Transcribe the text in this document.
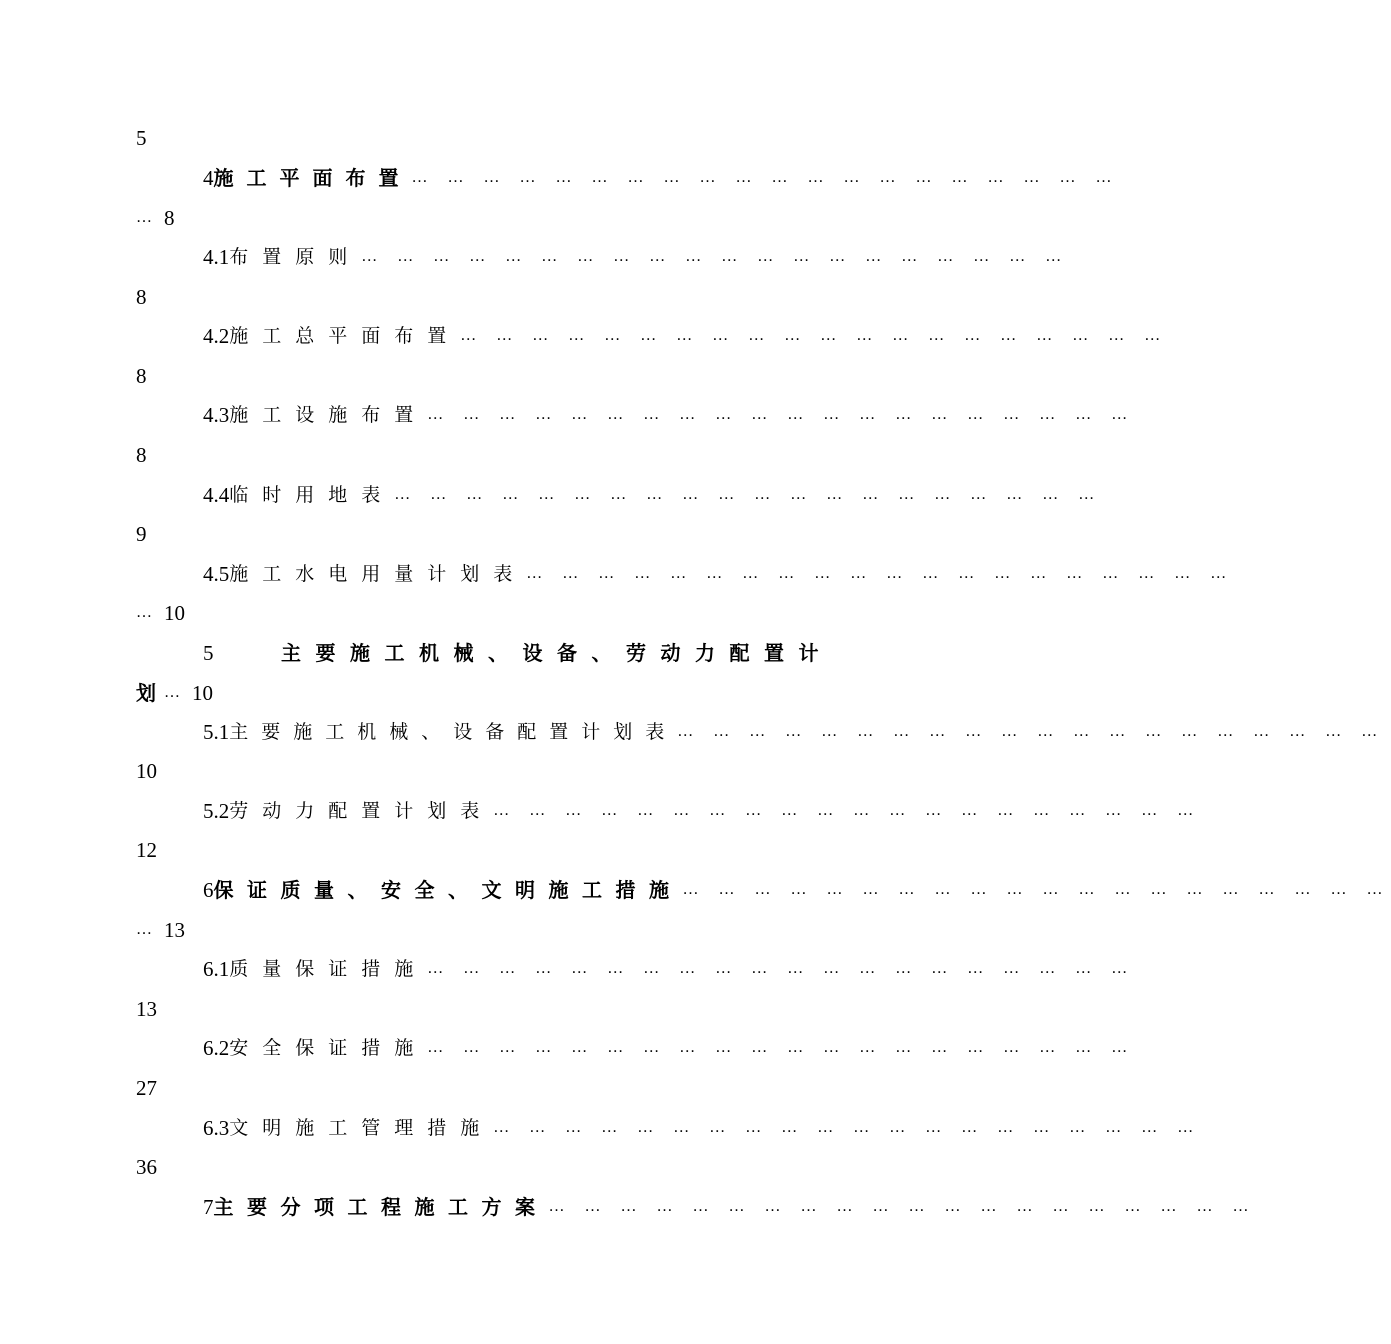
5
4 施工平面布置 … … … … … … … … … … … … … … … … … … … …
… 8
4.1 布置原则 … … … … … … … … … … … … … … … … … … … …
8
4.2 施工总平面布置 … … … … … … … … … … … … … … … … … … … …
8
4.3 施工设施布置 … … … … … … … … … … … … … … … … … … … …
8
4.4 临时用地表 … … … … … … … … … … … … … … … … … … … …
9
4.5 施工水电用量计划表 … … … … … … … … … … … … … … … … … … … …
… 10
5	主要施工机械、设备、劳动力配置计
划 … 10
5.1 主要施工机械、设备配置计划表 … … … … … … … … … … … … … … … … … … … …
10
5.2 劳动力配置计划表 … … … … … … … … … … … … … … … … … … … …
12
6 保证质量、安全、文明施工措施 … … … … … … … … … … … … … … … … … … … …
… 13
6.1 质量保证措施 … … … … … … … … … … … … … … … … … … … …
13
6.2 安全保证措施 … … … … … … … … … … … … … … … … … … … …
27
6.3 文明施工管理措施 … … … … … … … … … … … … … … … … … … … …
36
7 主要分项工程施工方案 … … … … … … … … … … … … … … … … … … … …
